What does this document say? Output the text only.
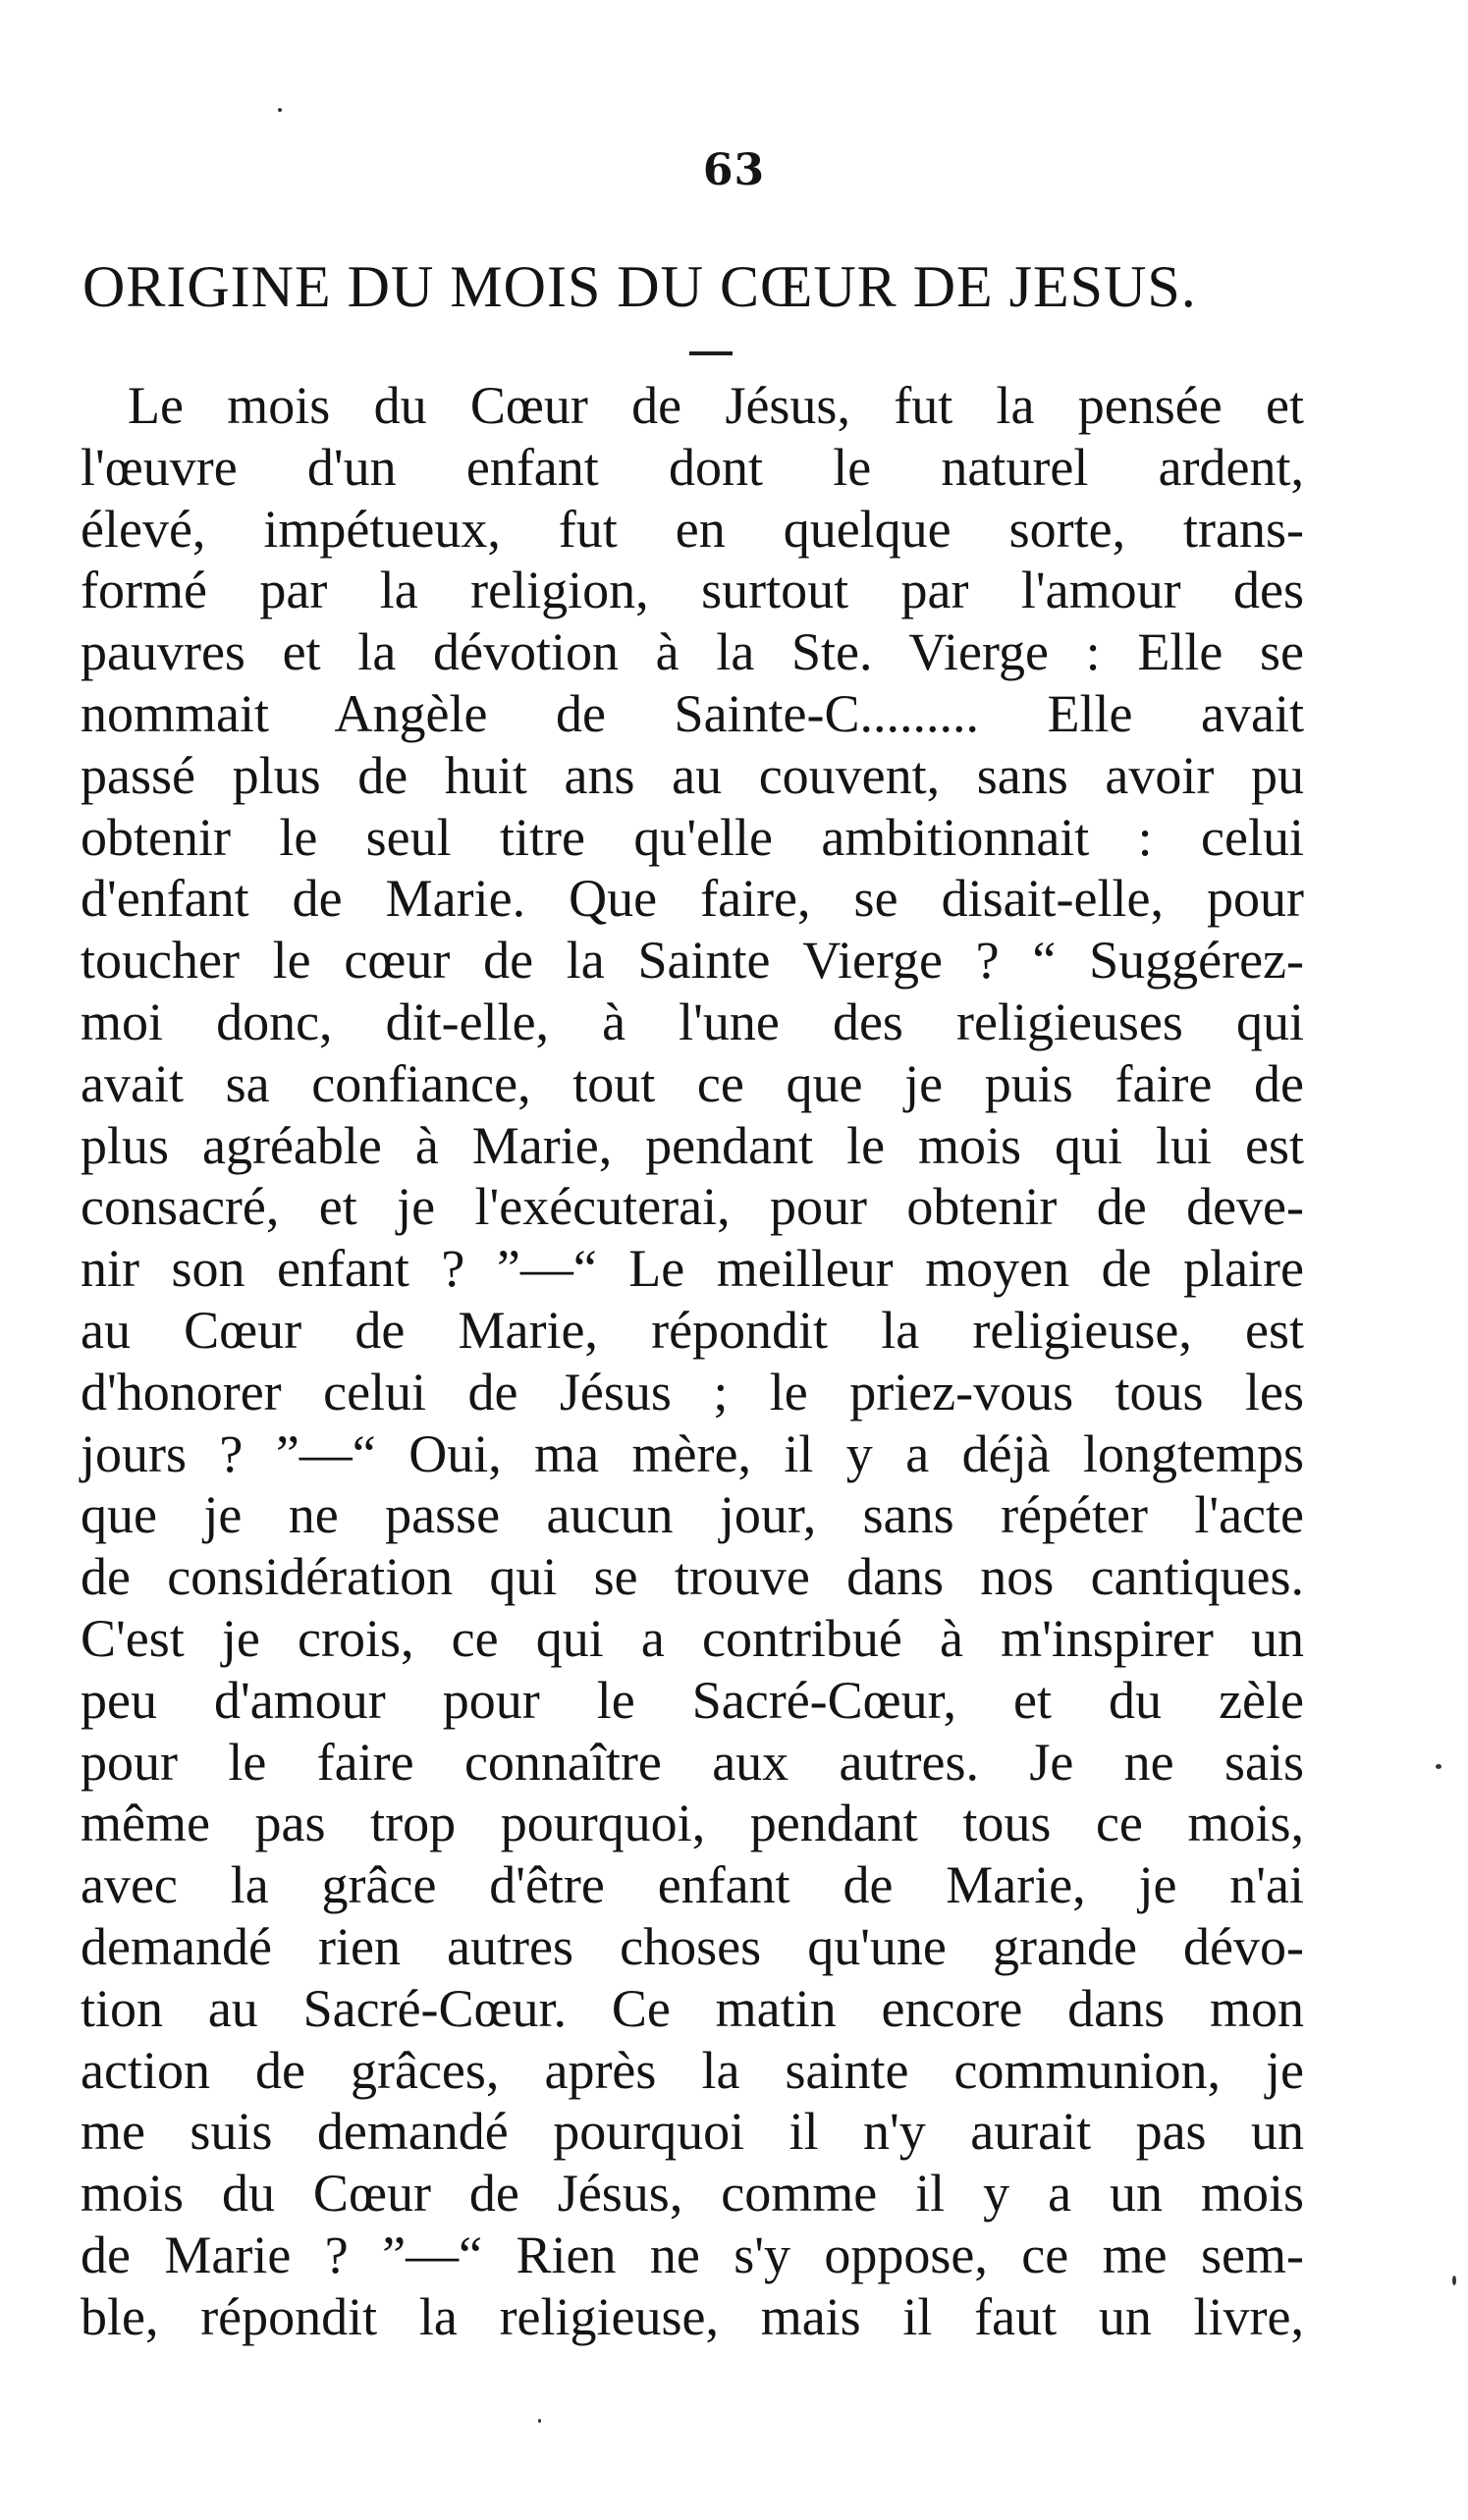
63
ORIGINE DU MOIS DU CŒUR DE JESUS.
Le mois du Cœur de Jésus, fut la pensée et
l'œuvre d'un enfant dont le naturel ardent,
élevé, impétueux, fut en quelque sorte, trans-
formé par la religion, surtout par l'amour des
pauvres et la dévotion à la Ste. Vierge : Elle se
nommait Angèle de Sainte-C......... Elle avait
passé plus de huit ans au couvent, sans avoir pu
obtenir le seul titre qu'elle ambitionnait : celui
d'enfant de Marie. Que faire, se disait-elle, pour
toucher le cœur de la Sainte Vierge ? “ Suggérez-
moi donc, dit-elle, à l'une des religieuses qui
avait sa confiance, tout ce que je puis faire de
plus agréable à Marie, pendant le mois qui lui est
consacré, et je l'exécuterai, pour obtenir de deve-
nir son enfant ? ”—“ Le meilleur moyen de plaire
au Cœur de Marie, répondit la religieuse, est
d'honorer celui de Jésus ; le priez-vous tous les
jours ? ”—“ Oui, ma mère, il y a déjà longtemps
que je ne passe aucun jour, sans répéter l'acte
de considération qui se trouve dans nos cantiques.
C'est je crois, ce qui a contribué à m'inspirer un
peu d'amour pour le Sacré-Cœur, et du zèle
pour le faire connaître aux autres. Je ne sais
même pas trop pourquoi, pendant tous ce mois,
avec la grâce d'être enfant de Marie, je n'ai
demandé rien autres choses qu'une grande dévo-
tion au Sacré-Cœur. Ce matin encore dans mon
action de grâces, après la sainte communion, je
me suis demandé pourquoi il n'y aurait pas un
mois du Cœur de Jésus, comme il y a un mois
de Marie ? ”—“ Rien ne s'y oppose, ce me sem-
ble, répondit la religieuse, mais il faut un livre,
